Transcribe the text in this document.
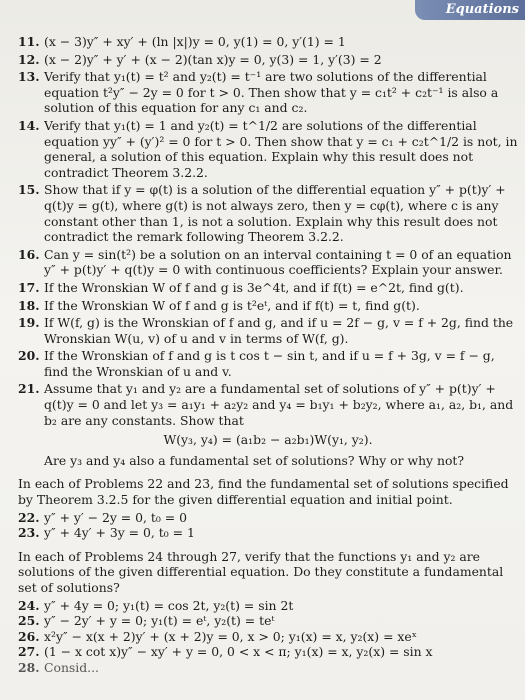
Equations
11. (x − 3)y″ + xy′ + (ln |x|)y = 0, y(1) = 0, y′(1) = 1
12. (x − 2)y″ + y′ + (x − 2)(tan x)y = 0, y(3) = 1, y′(3) = 2
13. Verify that y₁(t) = t² and y₂(t) = t⁻¹ are two solutions of the differential equation t²y″ − 2y = 0 for t > 0. Then show that y = c₁t² + c₂t⁻¹ is also a solution of this equation for any c₁ and c₂.
14. Verify that y₁(t) = 1 and y₂(t) = t^1/2 are solutions of the differential equation yy″ + (y′)² = 0 for t > 0. Then show that y = c₁ + c₂t^1/2 is not, in general, a solution of this equation. Explain why this result does not contradict Theorem 3.2.2.
15. Show that if y = φ(t) is a solution of the differential equation y″ + p(t)y′ + q(t)y = g(t), where g(t) is not always zero, then y = cφ(t), where c is any constant other than 1, is not a solution. Explain why this result does not contradict the remark following Theorem 3.2.2.
16. Can y = sin(t²) be a solution on an interval containing t = 0 of an equation y″ + p(t)y′ + q(t)y = 0 with continuous coefficients? Explain your answer.
17. If the Wronskian W of f and g is 3e^4t, and if f(t) = e^2t, find g(t).
18. If the Wronskian W of f and g is t²eᵗ, and if f(t) = t, find g(t).
19. If W(f, g) is the Wronskian of f and g, and if u = 2f − g, v = f + 2g, find the Wronskian W(u, v) of u and v in terms of W(f, g).
20. If the Wronskian of f and g is t cos t − sin t, and if u = f + 3g, v = f − g, find the Wronskian of u and v.
21. Assume that y₁ and y₂ are a fundamental set of solutions of y″ + p(t)y′ + q(t)y = 0 and let y₃ = a₁y₁ + a₂y₂ and y₄ = b₁y₁ + b₂y₂, where a₁, a₂, b₁, and b₂ are any constants. Show that
W(y₃, y₄) = (a₁b₂ − a₂b₁)W(y₁, y₂).
Are y₃ and y₄ also a fundamental set of solutions? Why or why not?
In each of Problems 22 and 23, find the fundamental set of solutions specified by Theorem 3.2.5 for the given differential equation and initial point.
22. y″ + y′ − 2y = 0, t₀ = 0
23. y″ + 4y′ + 3y = 0, t₀ = 1
In each of Problems 24 through 27, verify that the functions y₁ and y₂ are solutions of the given differential equation. Do they constitute a fundamental set of solutions?
24. y″ + 4y = 0; y₁(t) = cos 2t, y₂(t) = sin 2t
25. y″ − 2y′ + y = 0; y₁(t) = eᵗ, y₂(t) = teᵗ
26. x²y″ − x(x + 2)y′ + (x + 2)y = 0, x > 0; y₁(x) = x, y₂(x) = xeˣ
27. (1 − x cot x)y″ − xy′ + y = 0, 0 < x < π; y₁(x) = x, y₂(x) = sin x
28. Consid...
